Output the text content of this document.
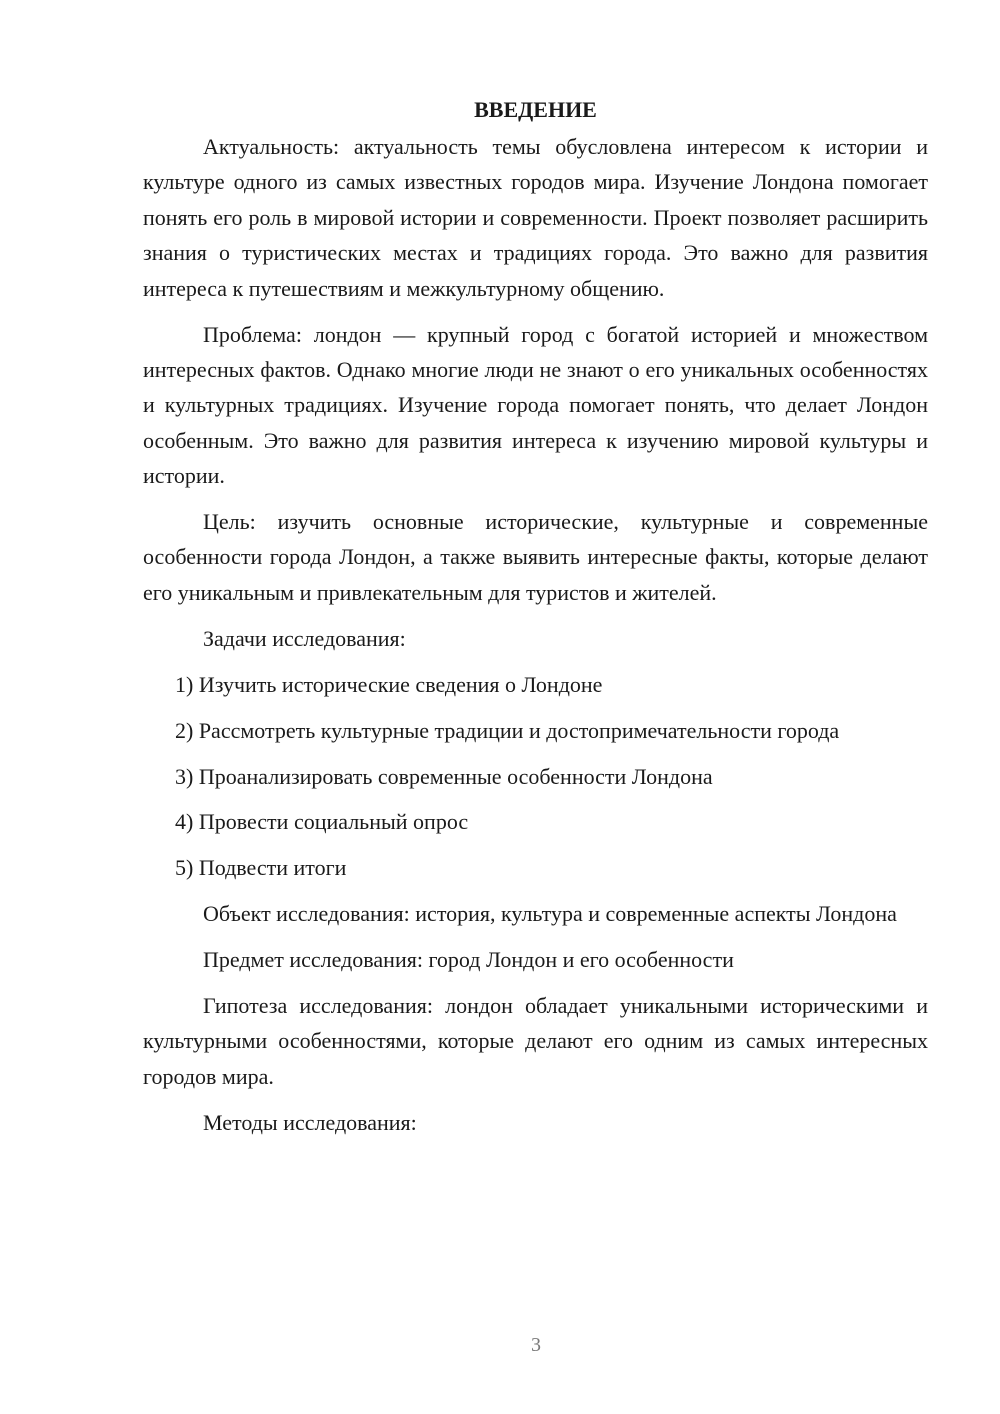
ВВЕДЕНИЕ

Актуальность: актуальность темы обусловлена интересом к истории и культуре одного из самых известных городов мира. Изучение Лондона помогает понять его роль в мировой истории и современности. Проект позволяет расширить знания о туристических местах и традициях города. Это важно для развития интереса к путешествиям и межкультурному общению.

Проблема: лондон — крупный город с богатой историей и множеством интересных фактов. Однако многие люди не знают о его уникальных особенностях и культурных традициях. Изучение города помогает понять, что делает Лондон особенным. Это важно для развития интереса к изучению мировой культуры и истории.

Цель: изучить основные исторические, культурные и современные особенности города Лондон, а также выявить интересные факты, которые делают его уникальным и привлекательным для туристов и жителей.

Задачи исследования:

1) Изучить исторические сведения о Лондоне

2) Рассмотреть культурные традиции и достопримечательности города

3) Проанализировать современные особенности Лондона

4) Провести социальный опрос

5) Подвести итоги

Объект исследования: история, культура и современные аспекты Лондона

Предмет исследования: город Лондон и его особенности

Гипотеза исследования: лондон обладает уникальными историческими и культурными особенностями, которые делают его одним из самых интересных городов мира.

Методы исследования:

3
